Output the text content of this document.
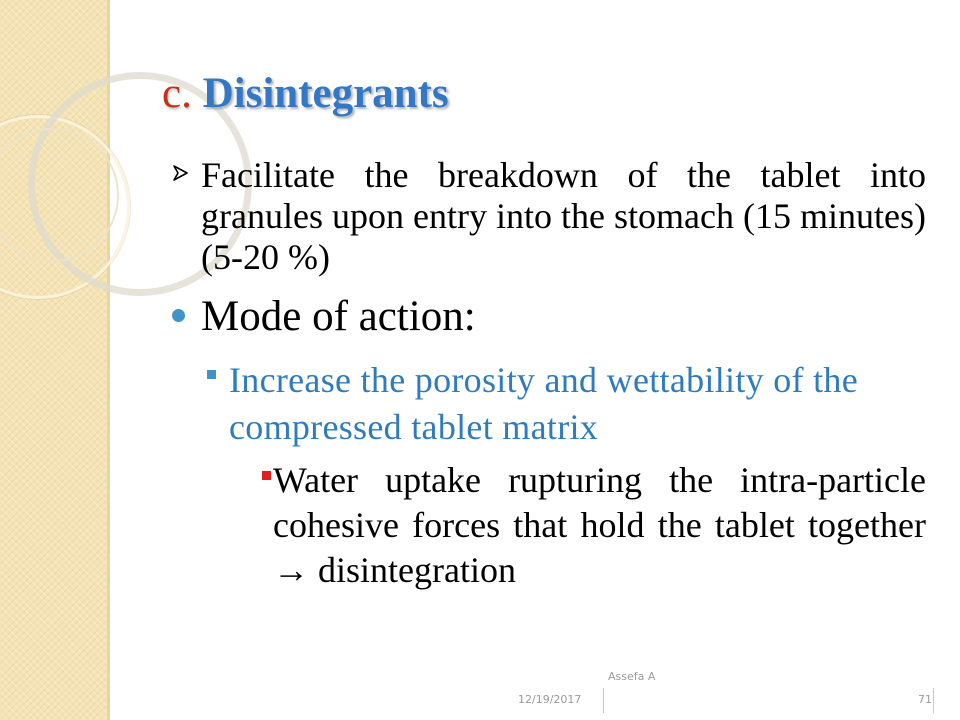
c. Disintegrants
Facilitate the breakdown of the tablet into granules upon entry into the stomach (15 minutes) (5-20 %)
Mode of action:
Increase the porosity and wettability of the compressed tablet matrix
Water uptake rupturing the intra-particle cohesive forces that hold the tablet together → disintegration
Assefa A
12/19/2017	71
